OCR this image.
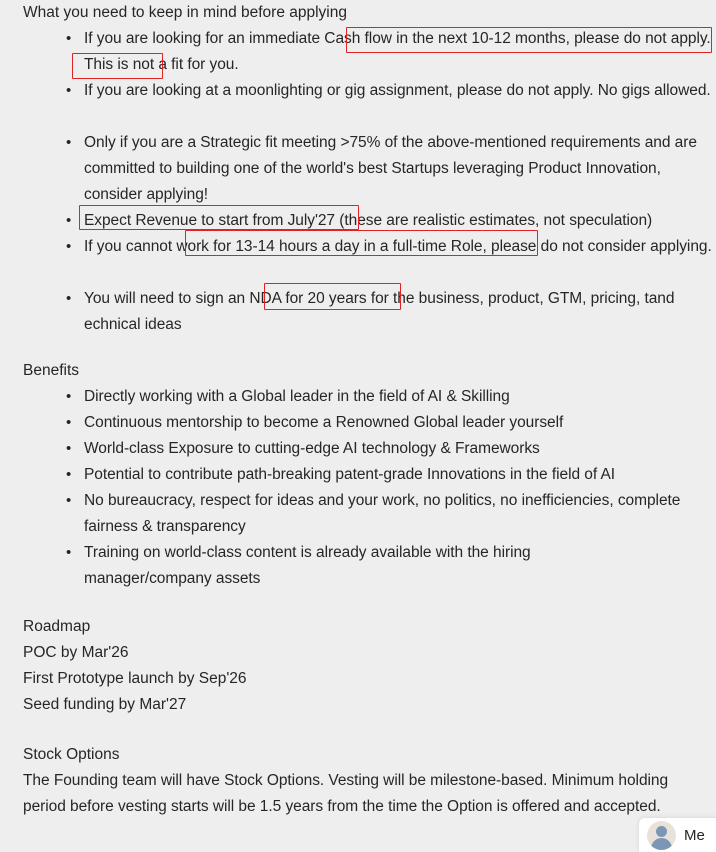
What you need to keep in mind before applying
• If you are looking for an immediate Cash flow in the next 10-12 months, please do not apply. This is not a fit for you.
• If you are looking at a moonlighting or gig assignment, please do not apply. No gigs allowed.
• Only if you are a Strategic fit meeting >75% of the above-mentioned requirements and are committed to building one of the world's best Startups leveraging Product Innovation, consider applying!
• Expect Revenue to start from July'27 (these are realistic estimates, not speculation)
• If you cannot work for 13-14 hours a day in a full-time Role, please do not consider applying.
• You will need to sign an NDA for 20 years for the business, product, GTM, pricing, tand echnical ideas
Benefits
• Directly working with a Global leader in the field of AI & Skilling
• Continuous mentorship to become a Renowned Global leader yourself
• World-class Exposure to cutting-edge AI technology & Frameworks
• Potential to contribute path-breaking patent-grade Innovations in the field of AI
• No bureaucracy, respect for ideas and your work, no politics, no inefficiencies, complete fairness & transparency
• Training on world-class content is already available with the hiring manager/company assets
Roadmap
POC by Mar'26
First Prototype launch by Sep'26
Seed funding by Mar'27
Stock Options
The Founding team will have Stock Options. Vesting will be milestone-based. Minimum holding period before vesting starts will be 1.5 years from the time the Option is offered and accepted.
Me
